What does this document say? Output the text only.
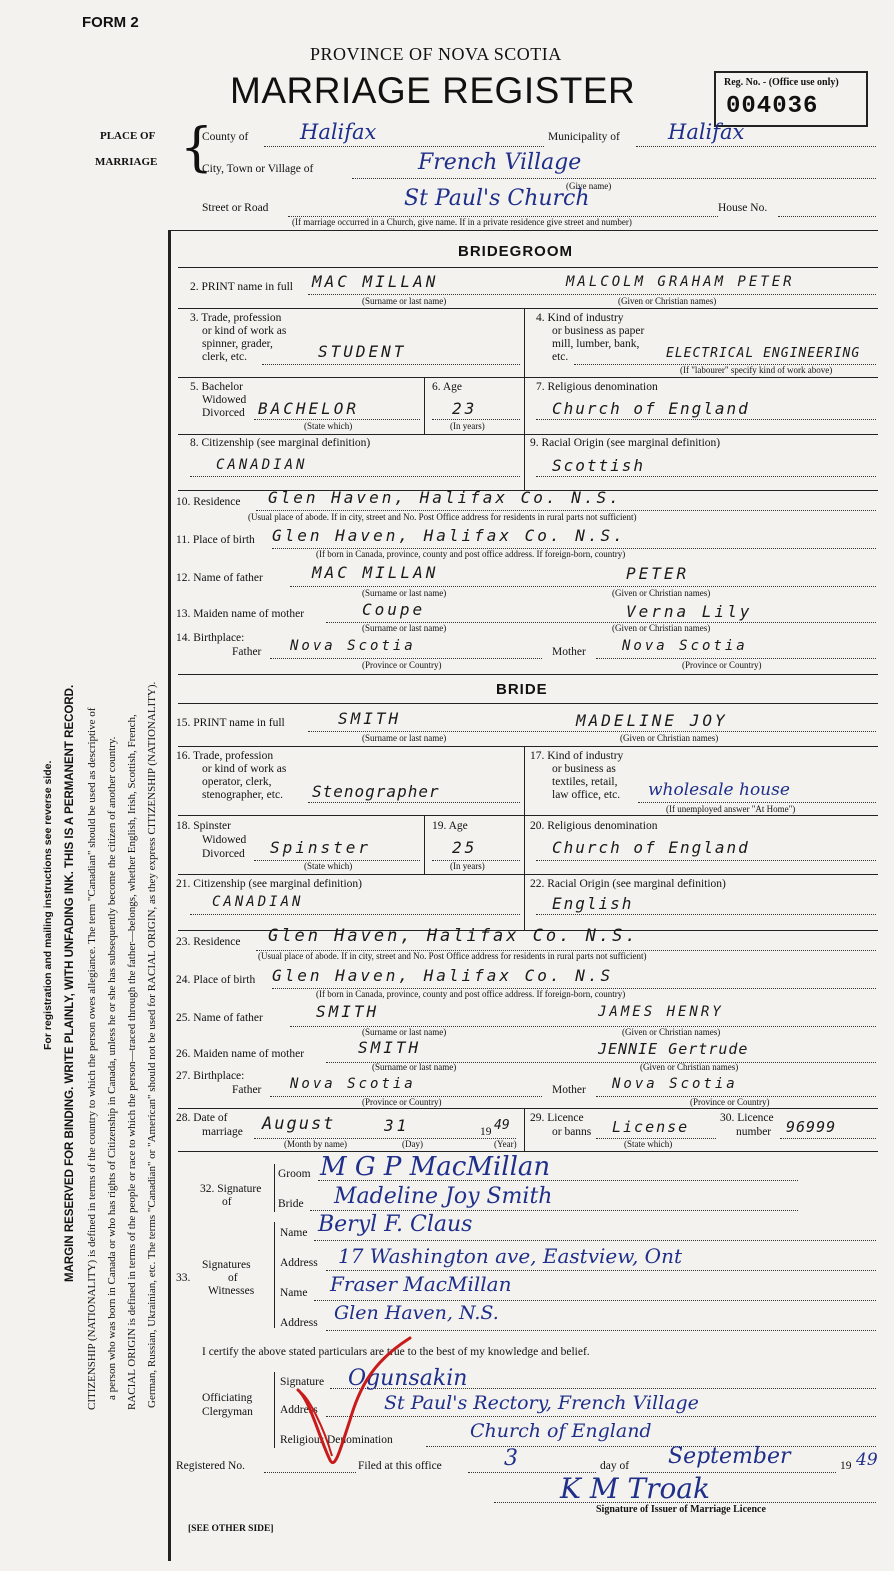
FORM 2
PROVINCE OF NOVA SCOTIA
MARRIAGE REGISTER	Reg. No. - (Office use only)
004036
PLACE OF
MARRIAGE {
County of Halifax	Municipality of Halifax
City, Town or Village of	French Village
(Give name)
Street or Road	St Paul's Church	House No.
(If marriage occurred in a Church, give name. If in a private residence give street and number)
For registration and mailing instructions see reverse side. MARGIN RESERVED FOR BINDING. WRITE PLAINLY, WITH UNFADING INK. THIS IS A PERMANENT RECORD. CITIZENSHIP (NATIONALITY) is defined in terms of the country to which the person owes allegiance. The term "Canadian" should be used as descriptive of a person who was born in Canada or who has rights of Citizenship in Canada, unless he or she has subsequently become the citizen of another country. RACIAL ORIGIN is defined in terms of the people or race to which the person—traced through the father—belongs, whether English, Irish, Scottish, French, German, Russian, Ukrainian, etc. The terms "Canadian" or "American" should not be used for RACIAL ORIGIN, as they express CITIZENSHIP (NATIONALITY).
BRIDEGROOM
2. PRINT name in full MAC MILLAN	MALCOLM GRAHAM PETER
(Surname or last name)	(Given or Christian names)
3. Trade, profession
or kind of work as
spinner, grader,
clerk, etc.	STUDENT
4. Kind of industry
or business as paper
mill, lumber, bank,
etc.	ELECTRICAL ENGINEERING
(If "labourer" specify kind of work above)
5. Bachelor
Widowed
Divorced BACHELOR
(State which)
6. Age
23
(In years)
7. Religious denomination
Church of England
8. Citizenship (see marginal definition)
CANADIAN
9. Racial Origin (see marginal definition)
Scottish
10. Residence Glen Haven, Halifax Co. N.S.
(Usual place of abode. If in city, street and No. Post Office address for residents in rural parts not sufficient)
11. Place of birth Glen Haven, Halifax Co. N.S.
(If born in Canada, province, county and post office address. If foreign-born, country)
12. Name of father	MAC MILLAN	PETER
(Surname or last name)	(Given or Christian names)
13. Maiden name of mother	Coupe	Verna Lily
(Surname or last name)	(Given or Christian names)
14. Birthplace:
Father Nova Scotia
(Province or Country)
Mother	Nova Scotia
(Province or Country)
BRIDE
15. PRINT name in full	SMITH	MADELINE JOY
(Surname or last name)	(Given or Christian names)
16. Trade, profession
or kind of work as
operator, clerk,
stenographer, etc. Stenographer
17. Kind of industry
or business as
textiles, retail,
law office, etc. wholesale house
(If unemployed answer "At Home")
18. Spinster
Widowed
Divorced Spinster
(State which)
19. Age
25
(In years)
20. Religious denomination
Church of England
21. Citizenship (see marginal definition)
CANADIAN
22. Racial Origin (see marginal definition)
English
23. Residence Glen Haven, Halifax Co. N.S.
(Usual place of abode. If in city, street and No. Post Office address for residents in rural parts not sufficient)
24. Place of birth Glen Haven, Halifax Co. N.S
(If born in Canada, province, county and post office address. If foreign-born, country)
25. Name of father	SMITH	JAMES HENRY
(Surname or last name)	(Given or Christian names)
26. Maiden name of mother	SMITH	JENNIE Gertrude
(Surname or last name)	(Given or Christian names)
27. Birthplace:
Father Nova Scotia
(Province or Country)
Mother Nova Scotia
(Province or Country)
28. Date of
marriage August	31	19 49
(Month by name)	(Day)	(Year)
29. Licence
or banns License
(State which)
30. Licence
number 96999
32. Signature
of
Groom M G P MacMillan
Bride Madeline Joy Smith
Signatures
of
Witnesses
33.
Name Beryl F. Claus
Address 17 Washington ave, Eastview, Ont
Name Fraser MacMillan
Address Glen Haven, N.S.
I certify the above stated particulars are true to the best of my knowledge and belief.
Officiating
Clergyman
Signature Ogunsakin
Address	St Paul's Rectory, French Village
Religious Denomination	Church of England
Registered No.	Filed at this office	3	day of September	19 49
K M Troak
Signature of Issuer of Marriage Licence
[SEE OTHER SIDE]
